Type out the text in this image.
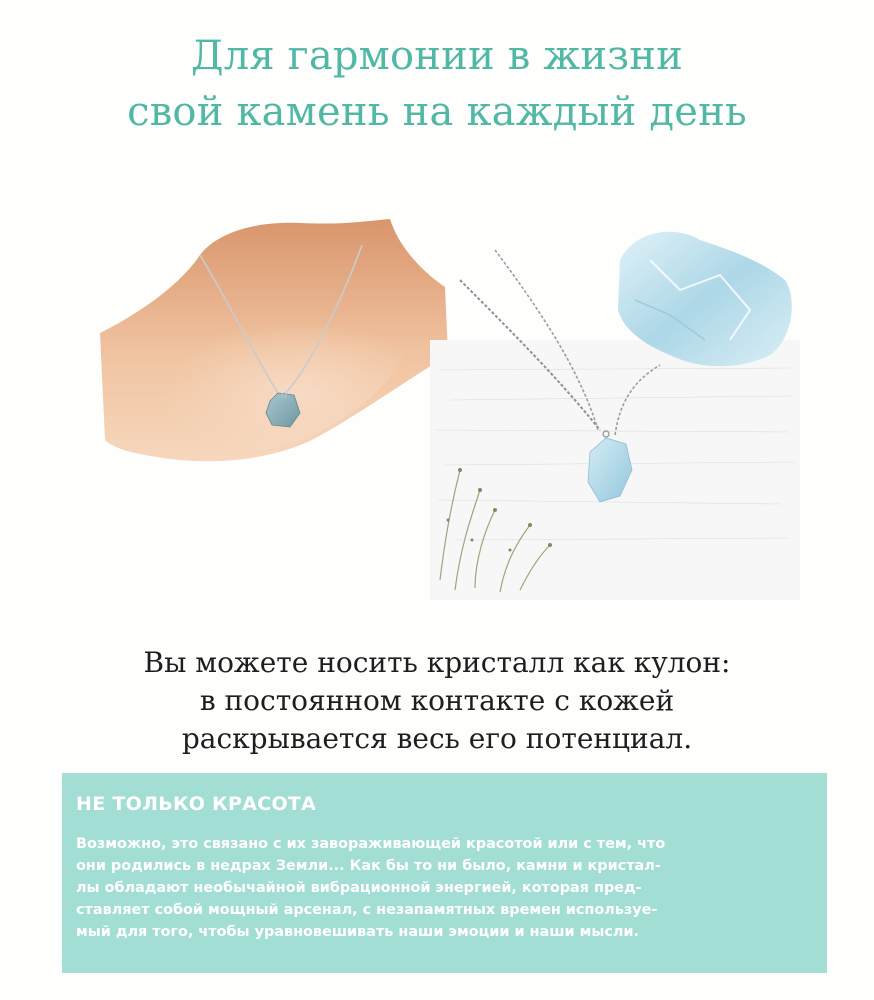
Для гармонии в жизни
свой камень на каждый день
Вы можете носить кристалл как кулон:
в постоянном контакте с кожей
раскрывается весь его потенциал.
НЕ ТОЛЬКО КРАСОТА
Возможно, это связано с их завораживающей красотой или с тем, что
они родились в недрах Земли... Как бы то ни было, камни и кристал-
лы обладают необычайной вибрационной энергией, которая пред-
ставляет собой мощный арсенал, с незапамятных времен используе-
мый для того, чтобы уравновешивать наши эмоции и наши мысли.
